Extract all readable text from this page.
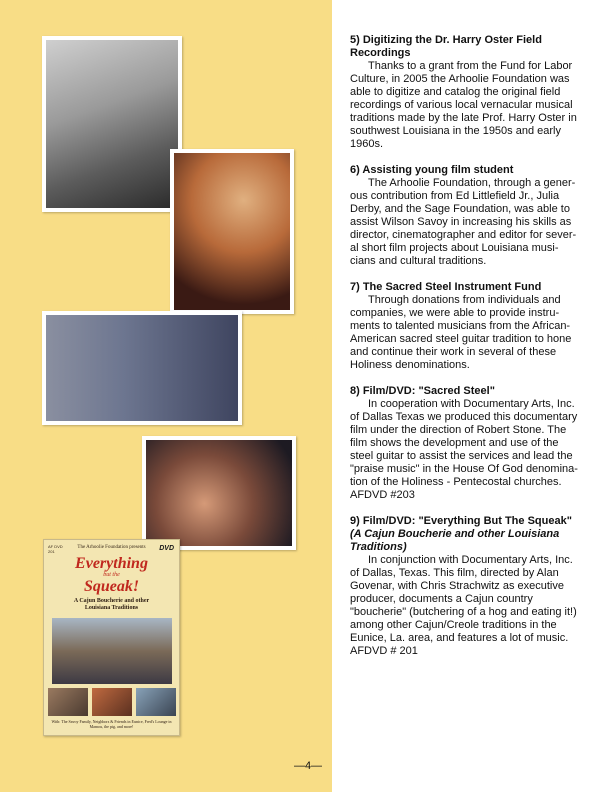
AF DVD
201	DVD
The Arhoolie Foundation presents
Everything
but the
Squeak!
A Cajun Boucherie and other
Louisiana Traditions
With: The Savoy Family, Neighbors & Friends in Eunice, Fred's Lounge in Mamou, the pig, and more!
5) Digitizing the Dr. Harry Oster Field
Recordings

Thanks to a grant from the Fund for Labor
Culture, in 2005 the Arhoolie Foundation was
able to digitize and catalog the original field
recordings of various local vernacular musical
traditions made by the late Prof. Harry Oster in
southwest Louisiana in the 1950s and early
1960s.

6) Assisting young film student

The Arhoolie Foundation, through a gener-
ous contribution from Ed Littlefield Jr., Julia
Derby, and the Sage Foundation, was able to
assist Wilson Savoy in increasing his skills as
director, cinematographer and editor for sever-
al short film projects about Louisiana musi-
cians and cultural traditions.

7) The Sacred Steel Instrument Fund

Through donations from individuals and
companies, we were able to provide instru-
ments to talented musicians from the African-
American sacred steel guitar tradition to hone
and continue their work in several of these
Holiness denominations.

8) Film/DVD: "Sacred Steel"

In cooperation with Documentary Arts, Inc.
of Dallas Texas we produced this documentary
film under the direction of Robert Stone. The
film shows the development and use of the
steel guitar to assist the services and lead the
"praise music" in the House Of God denomina-
tion of the Holiness - Pentecostal churches.
AFDVD #203

9) Film/DVD: "Everything But The Squeak"
(A Cajun Boucherie and other Louisiana
Traditions)

In conjunction with Documentary Arts, Inc.
of Dallas, Texas. This film, directed by Alan
Govenar, with Chris Strachwitz as executive
producer, documents a Cajun country
"boucherie" (butchering of a hog and eating it!)
among other Cajun/Creole traditions in the
Eunice, La. area, and features a lot of music.
AFDVD # 201

—4—
